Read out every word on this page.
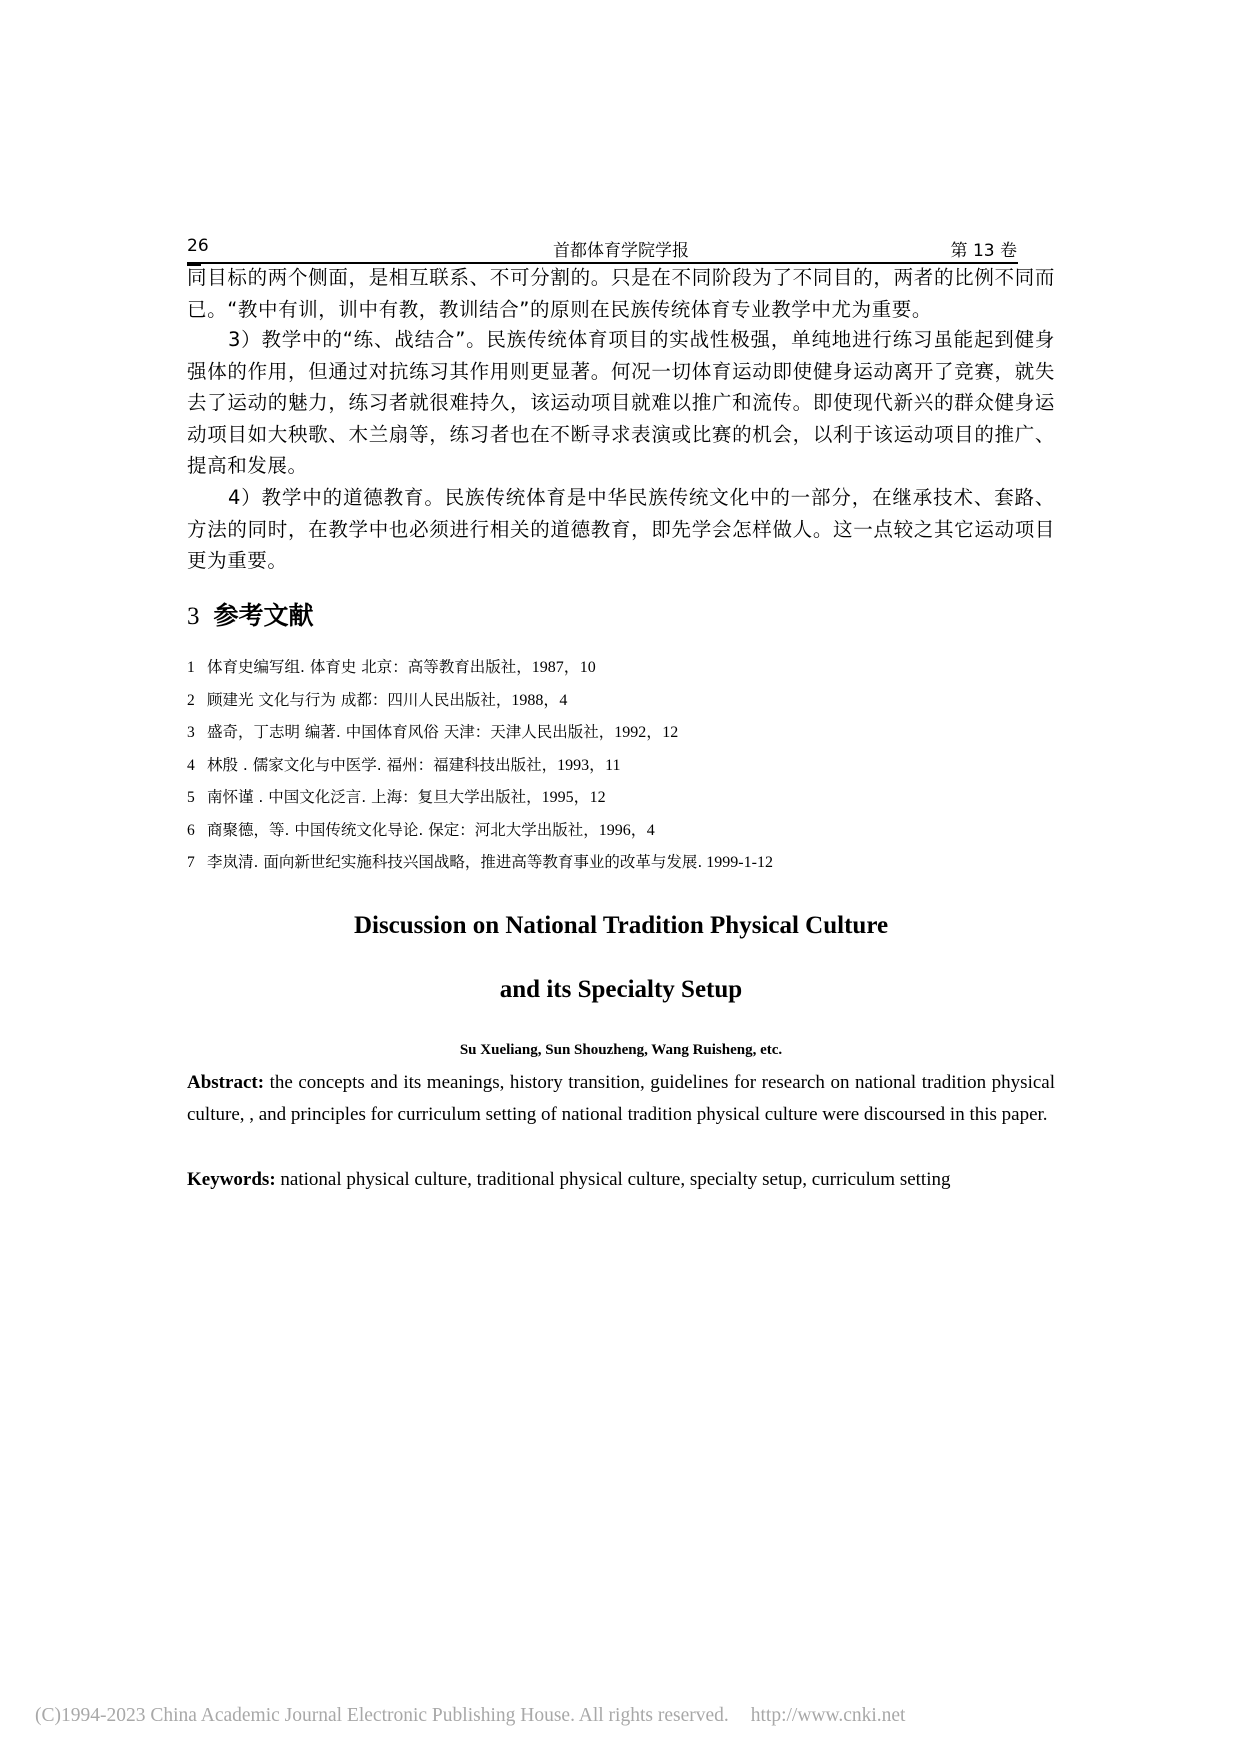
26	首都体育学院学报	第 13 卷

同目标的两个侧面，是相互联系、不可分割的。只是在不同阶段为了不同目的，两者的比例不同而已。“教中有训，训中有教，教训结合”的原则在民族传统体育专业教学中尤为重要。

3）教学中的“练、战结合”。民族传统体育项目的实战性极强，单纯地进行练习虽能起到健身强体的作用，但通过对抗练习其作用则更显著。何况一切体育运动即使健身运动离开了竞赛，就失去了运动的魅力，练习者就很难持久，该运动项目就难以推广和流传。即使现代新兴的群众健身运动项目如大秧歌、木兰扇等，练习者也在不断寻求表演或比赛的机会，以利于该运动项目的推广、提高和发展。

4）教学中的道德教育。民族传统体育是中华民族传统文化中的一部分，在继承技术、套路、方法的同时，在教学中也必须进行相关的道德教育，即先学会怎样做人。这一点较之其它运动项目更为重要。

3 参考文献
1 体育史编写组. 体育史 北京：高等教育出版社，1987，10
2 顾建光 文化与行为 成都：四川人民出版社，1988，4
3 盛奇，丁志明 编著. 中国体育风俗 天津：天津人民出版社，1992，12
4 林殷 . 儒家文化与中医学. 福州：福建科技出版社，1993，11
5 南怀谨 . 中国文化泛言. 上海：复旦大学出版社，1995，12
6 商聚德，等. 中国传统文化导论. 保定：河北大学出版社，1996，4
7 李岚清. 面向新世纪实施科技兴国战略，推进高等教育事业的改革与发展. 1999-1-12
Discussion on National Tradition Physical Culture
and its Specialty Setup
Su Xueliang, Sun Shouzheng, Wang Ruisheng, etc.

Abstract: the concepts and its meanings, history transition, guidelines for research on national tradition physical culture, , and principles for curriculum setting of national tradition physical culture were discoursed in this paper.

Keywords: national physical culture, traditional physical culture, specialty setup, curriculum setting

(C)1994-2023 China Academic Journal Electronic Publishing House. All rights reserved. http://www.cnki.net
